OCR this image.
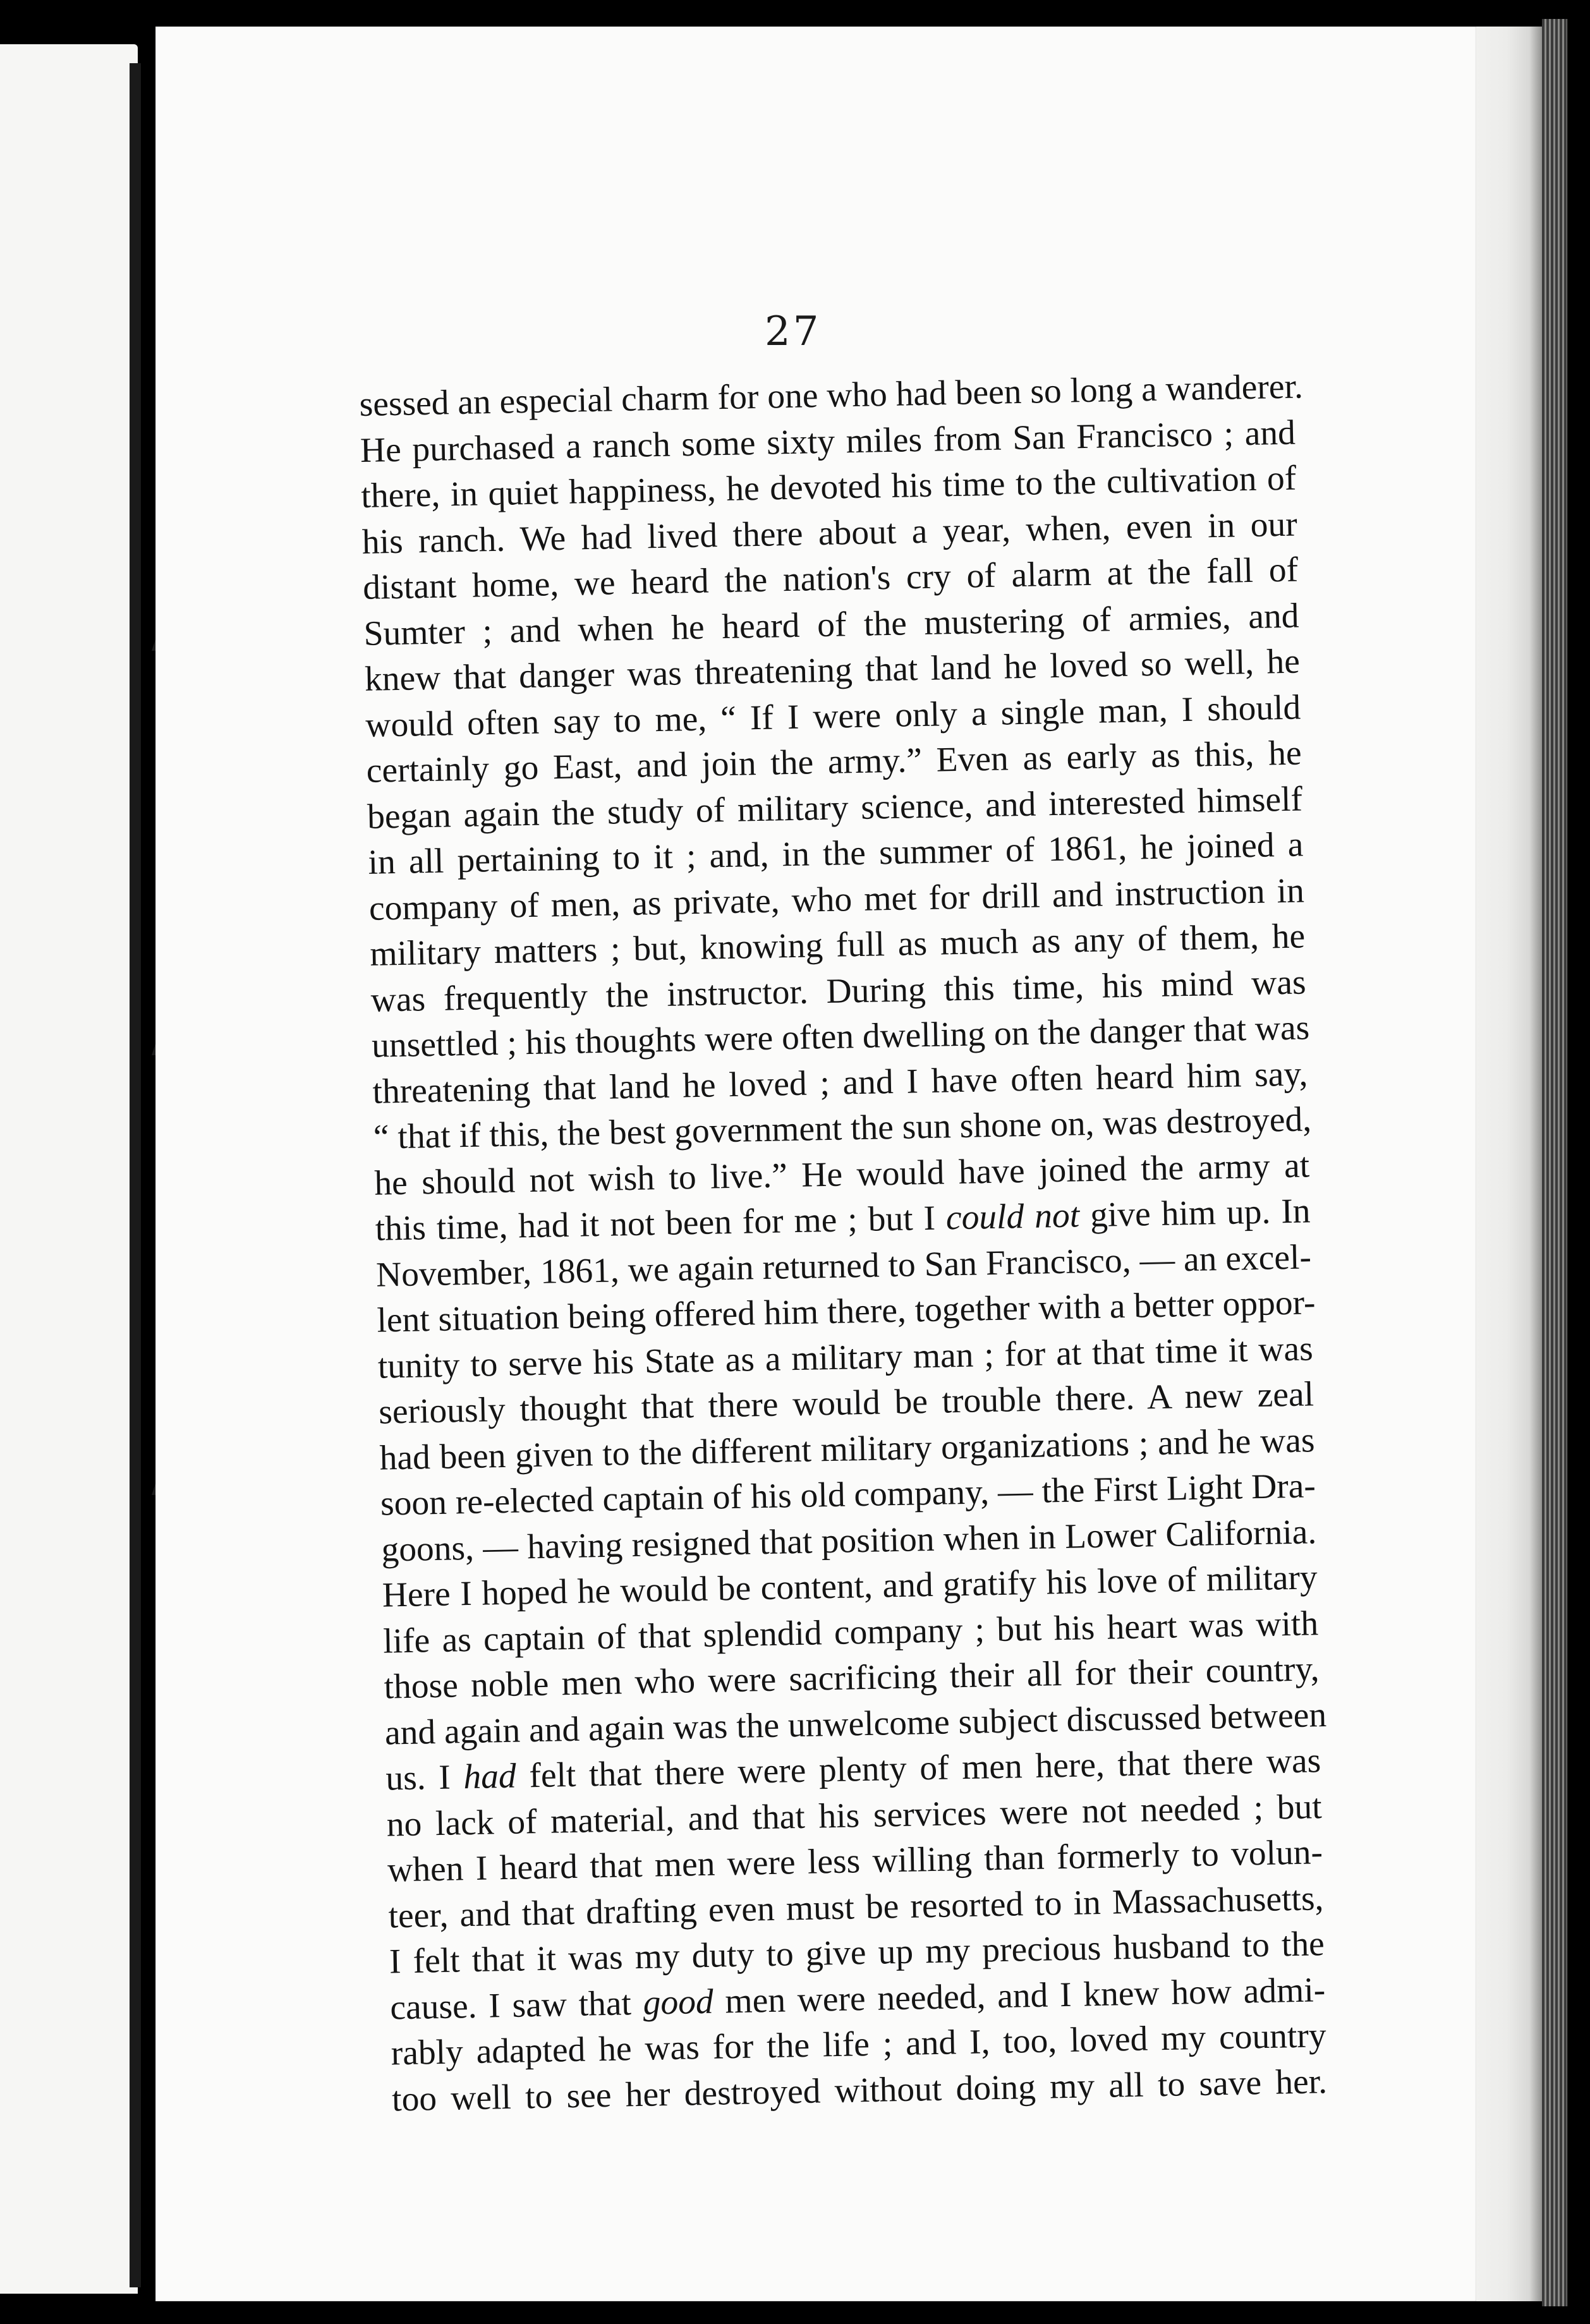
27
sessed an especial charm for one who had been so long a wanderer.
He purchased a ranch some sixty miles from San Francisco ; and
there, in quiet happiness, he devoted his time to the cultivation of
his ranch. We had lived there about a year, when, even in our
distant home, we heard the nation's cry of alarm at the fall of
Sumter ; and when he heard of the mustering of armies, and
knew that danger was threatening that land he loved so well, he
would often say to me, “ If I were only a single man, I should
certainly go East, and join the army.” Even as early as this, he
began again the study of military science, and interested himself
in all pertaining to it ; and, in the summer of 1861, he joined a
company of men, as private, who met for drill and instruction in
military matters ; but, knowing full as much as any of them, he
was frequently the instructor. During this time, his mind was
unsettled ; his thoughts were often dwelling on the danger that was
threatening that land he loved ; and I have often heard him say,
“ that if this, the best government the sun shone on, was destroyed,
he should not wish to live.” He would have joined the army at
this time, had it not been for me ; but I could not give him up. In
November, 1861, we again returned to San Francisco, — an excel-
lent situation being offered him there, together with a better oppor-
tunity to serve his State as a military man ; for at that time it was
seriously thought that there would be trouble there. A new zeal
had been given to the different military organizations ; and he was
soon re-elected captain of his old company, — the First Light Dra-
goons, — having resigned that position when in Lower California.
Here I hoped he would be content, and gratify his love of military
life as captain of that splendid company ; but his heart was with
those noble men who were sacrificing their all for their country,
and again and again was the unwelcome subject discussed between
us. I had felt that there were plenty of men here, that there was
no lack of material, and that his services were not needed ; but
when I heard that men were less willing than formerly to volun-
teer, and that drafting even must be resorted to in Massachusetts,
I felt that it was my duty to give up my precious husband to the
cause. I saw that good men were needed, and I knew how admi-
rably adapted he was for the life ; and I, too, loved my country
too well to see her destroyed without doing my all to save her.
